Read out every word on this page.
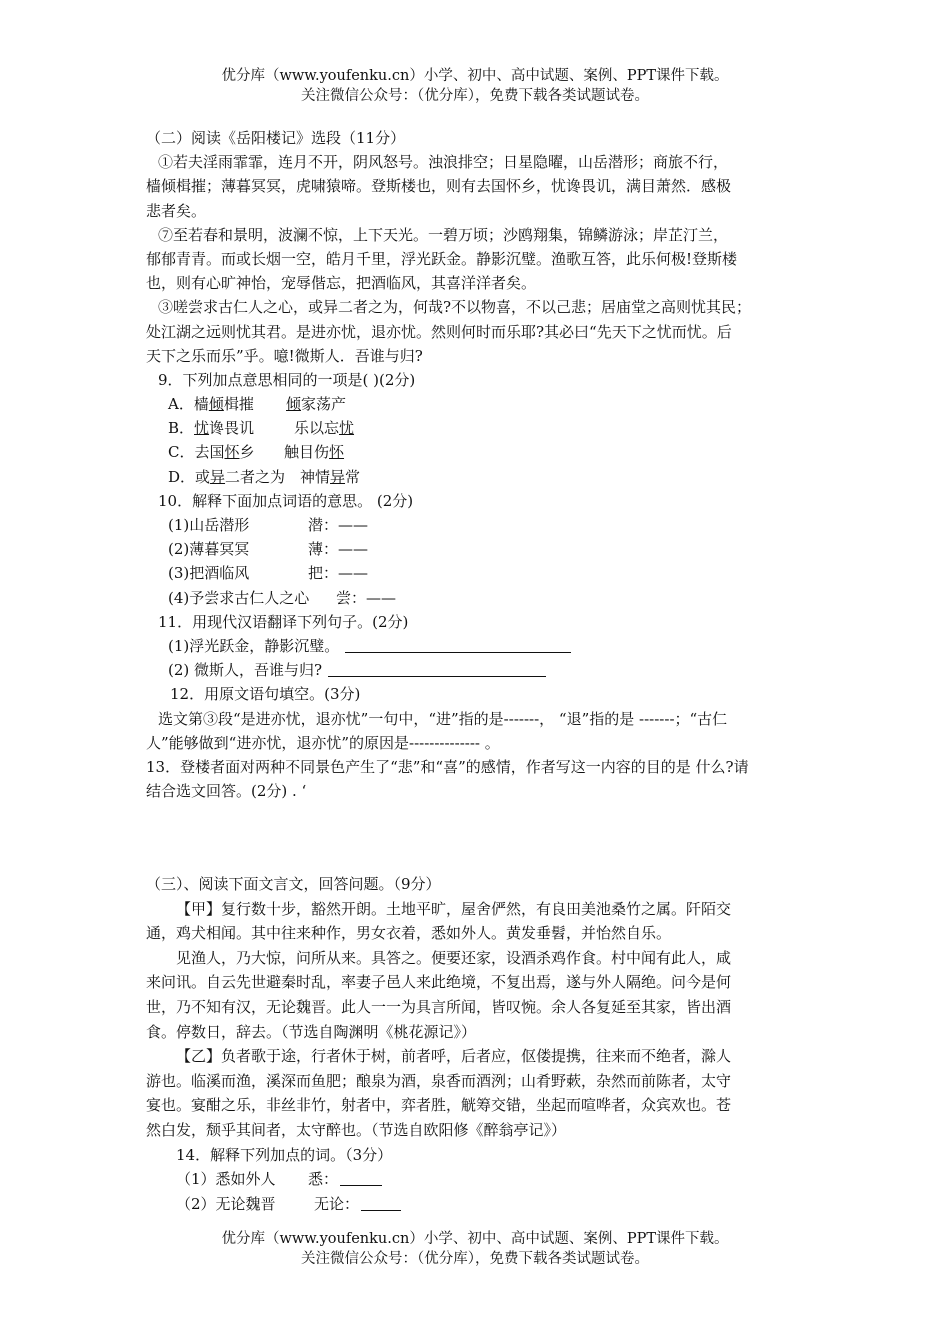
优分库（www.youfenku.cn）小学、初中、高中试题、案例、PPT课件下载。
关注微信公众号：（优分库），免费下载各类试题试卷。
（二）阅读《岳阳楼记》选段（11分）
①若夫淫雨霏霏，连月不开，阴风怒号。浊浪排空；日星隐曜，山岳潜形；商旅不行，
樯倾楫摧；薄暮冥冥，虎啸猿啼。登斯楼也，则有去国怀乡，忧谗畏讥，满目萧然．感极
悲者矣。
⑦至若春和景明，波澜不惊，上下天光。一碧万顷；沙鸥翔集，锦鳞游泳；岸芷汀兰，
郁郁青青。而或长烟一空，皓月千里，浮光跃金。静影沉璧。渔歌互答，此乐何极!登斯楼
也，则有心旷神怡，宠辱偕忘，把酒临风，其喜洋洋者矣。
③嗟尝求古仁人之心，或异二者之为，何哉?不以物喜，不以己悲；居庙堂之高则忧其民；
处江湖之远则忧其君。是进亦忧，退亦忧。然则何时而乐耶?其必曰“先天下之忧而忧。后
天下之乐而乐”乎。噫!微斯人．吾谁与归?
9．下列加点意思相同的一项是( )(2分)
A．樯倾楫摧 倾家荡产
B．忧谗畏讥	乐以忘忧
C．去国怀乡 触目伤怀
D．或异二者之为 神情异常
10．解释下面加点词语的意思。 (2分)
(1)山岳潜形	潜：——
(2)薄暮冥冥	薄：——
(3)把酒临风	把：——
(4)予尝求古仁人之心 尝：——
11．用现代汉语翻译下列句子。(2分)
(1)浮光跃金，静影沉璧。
(2) 微斯人，吾谁与归?
12．用原文语句填空。(3分)
选文第③段“是进亦忧，退亦忧”一句中，“进”指的是-------， “退”指的是 -------；“古仁
人”能够做到“进亦忧，退亦忧”的原因是-------------- 。
13．登楼者面对两种不同景色产生了“悲”和“喜”的感情，作者写这一内容的目的是 什么?请
结合选文回答。(2分) . ‘
（三）、阅读下面文言文，回答问题。（9分）
【甲】复行数十步，豁然开朗。土地平旷，屋舍俨然，有良田美池桑竹之属。阡陌交
通，鸡犬相闻。其中往来种作，男女衣着，悉如外人。黄发垂髫，并怡然自乐。
见渔人，乃大惊，问所从来。具答之。便要还家，设酒杀鸡作食。村中闻有此人，咸
来问讯。自云先世避秦时乱，率妻子邑人来此绝境，不复出焉，遂与外人隔绝。问今是何
世，乃不知有汉，无论魏晋。此人一一为具言所闻，皆叹惋。余人各复延至其家，皆出酒
食。停数日，辞去。（节选自陶渊明《桃花源记》）
【乙】负者歌于途，行者休于树，前者呼，后者应，伛偻提携，往来而不绝者，滁人
游也。临溪而渔，溪深而鱼肥；酿泉为酒，泉香而酒洌；山肴野蔌，杂然而前陈者，太守
宴也。宴酣之乐，非丝非竹，射者中，弈者胜，觥筹交错，坐起而喧哗者，众宾欢也。苍
然白发，颓乎其间者，太守醉也。（节选自欧阳修《醉翁亭记》）
14．解释下列加点的词。（3分）
（1）悉如外人 悉：
（2）无论魏晋	无论：
优分库（www.youfenku.cn）小学、初中、高中试题、案例、PPT课件下载。
关注微信公众号：（优分库），免费下载各类试题试卷。
